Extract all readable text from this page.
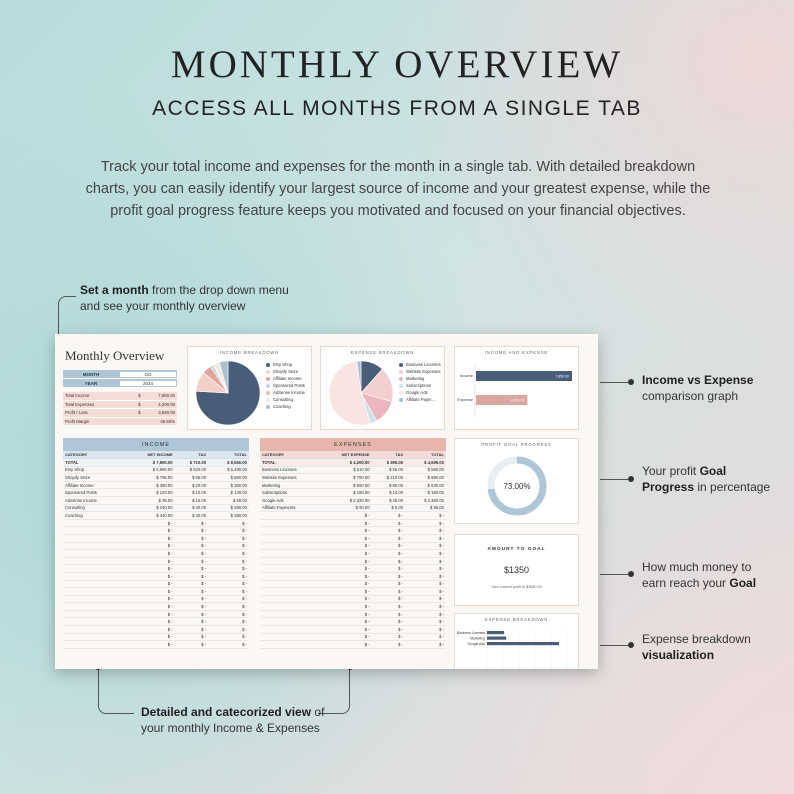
MONTHLY OVERVIEW
ACCESS ALL MONTHS FROM A SINGLE TAB
Track your total income and expenses for the month in a single tab. With detailed breakdown charts, you can easily identify your largest source of income and your greatest expense, while the profit goal progress feature keeps you motivated and focused on your financial objectives.
Set a month from the drop down menu
and see your monthly overview
Income vs Expense
comparison graph
Your profit Goal
Progress in percentage
How much money to
earn reach your Goal
Expense breakdown
visualization
Detailed and catecorized view of
your monthly Income & Expenses
Monthly Overview
MONTH	Oct
YEAR	2024
Total Income	$	7,850.00
Total Expenses	$	4,200.00
Profit / Loss	$	3,650.00
Profit Margin	46.50%
INCOME BREAKDOWN
Etsy Shop
Shopify Store
Affiliate Income
Sponsored Posts
AdSense Income
Consulting
Coaching
EXPENSE BREAKDOWN
Business Licenses
Website Expenses
Marketing
Subscriptions
Google Ads
Affiliate Paym...
INCOME AND EXPENSE
Income	7,850.00
Expense	4,200.00
INCOME
CATEGORY	NET INCOME	TAX	TOTAL
TOTAL	$ 7,850.00	$ 710.00	$ 8,560.00
Etsy Shop	$ 5,960.00	$ 520.00	$ 6,480.00
Shopify Store	$ 795.00	$ 65.00	$ 860.00
Affiliate Income	$ 360.00	$ 20.00	$ 380.00
Sponsored Posts	$ 120.00	$ 10.00	$ 130.00
AdSense Income	$ 35.00	$ 15.00	$ 50.00
Consulting	$ 240.00	$ 40.00	$ 280.00
Coaching	$ 340.00	$ 40.00	$ 380.00
$ -	$ -	$ -
$ -	$ -	$ -
$ -	$ -	$ -
$ -	$ -	$ -
$ -	$ -	$ -
$ -	$ -	$ -
$ -	$ -	$ -
$ -	$ -	$ -
$ -	$ -	$ -
$ -	$ -	$ -
$ -	$ -	$ -
$ -	$ -	$ -
$ -	$ -	$ -
$ -	$ -	$ -
$ -	$ -	$ -
$ -	$ -	$ -
$ -	$ -	$ -
EXPENSES
CATEGORY	NET EXPENSE	TAX	TOTAL
TOTAL	$ 4,200.00	$ 395.00	$ 4,595.00
Business Licenses	$ 510.00	$ 50.00	$ 560.00
Website Expenses	$ 780.00	$ 210.00	$ 990.00
Marketing	$ 550.00	$ 80.00	$ 630.00
Subscriptions	$ 150.00	$ 10.00	$ 160.00
Google Ads	$ 2,320.00	$ 40.00	$ 2,360.00
Affiliate Payments	$ 90.00	$ 5.00	$ 95.00
$ -	$ -	$ -
$ -	$ -	$ -
$ -	$ -	$ -
$ -	$ -	$ -
$ -	$ -	$ -
$ -	$ -	$ -
$ -	$ -	$ -
$ -	$ -	$ -
$ -	$ -	$ -
$ -	$ -	$ -
$ -	$ -	$ -
$ -	$ -	$ -
$ -	$ -	$ -
$ -	$ -	$ -
$ -	$ -	$ -
$ -	$ -	$ -
$ -	$ -	$ -
$ -	$ -	$ -
PROFIT GOAL PROGRESS
73.00%
AMOUNT TO GOAL
$1350
Your current profit is $3650.00
EXPENSE BREAKDOWN
Business Licenses
Marketing
Google Ads
